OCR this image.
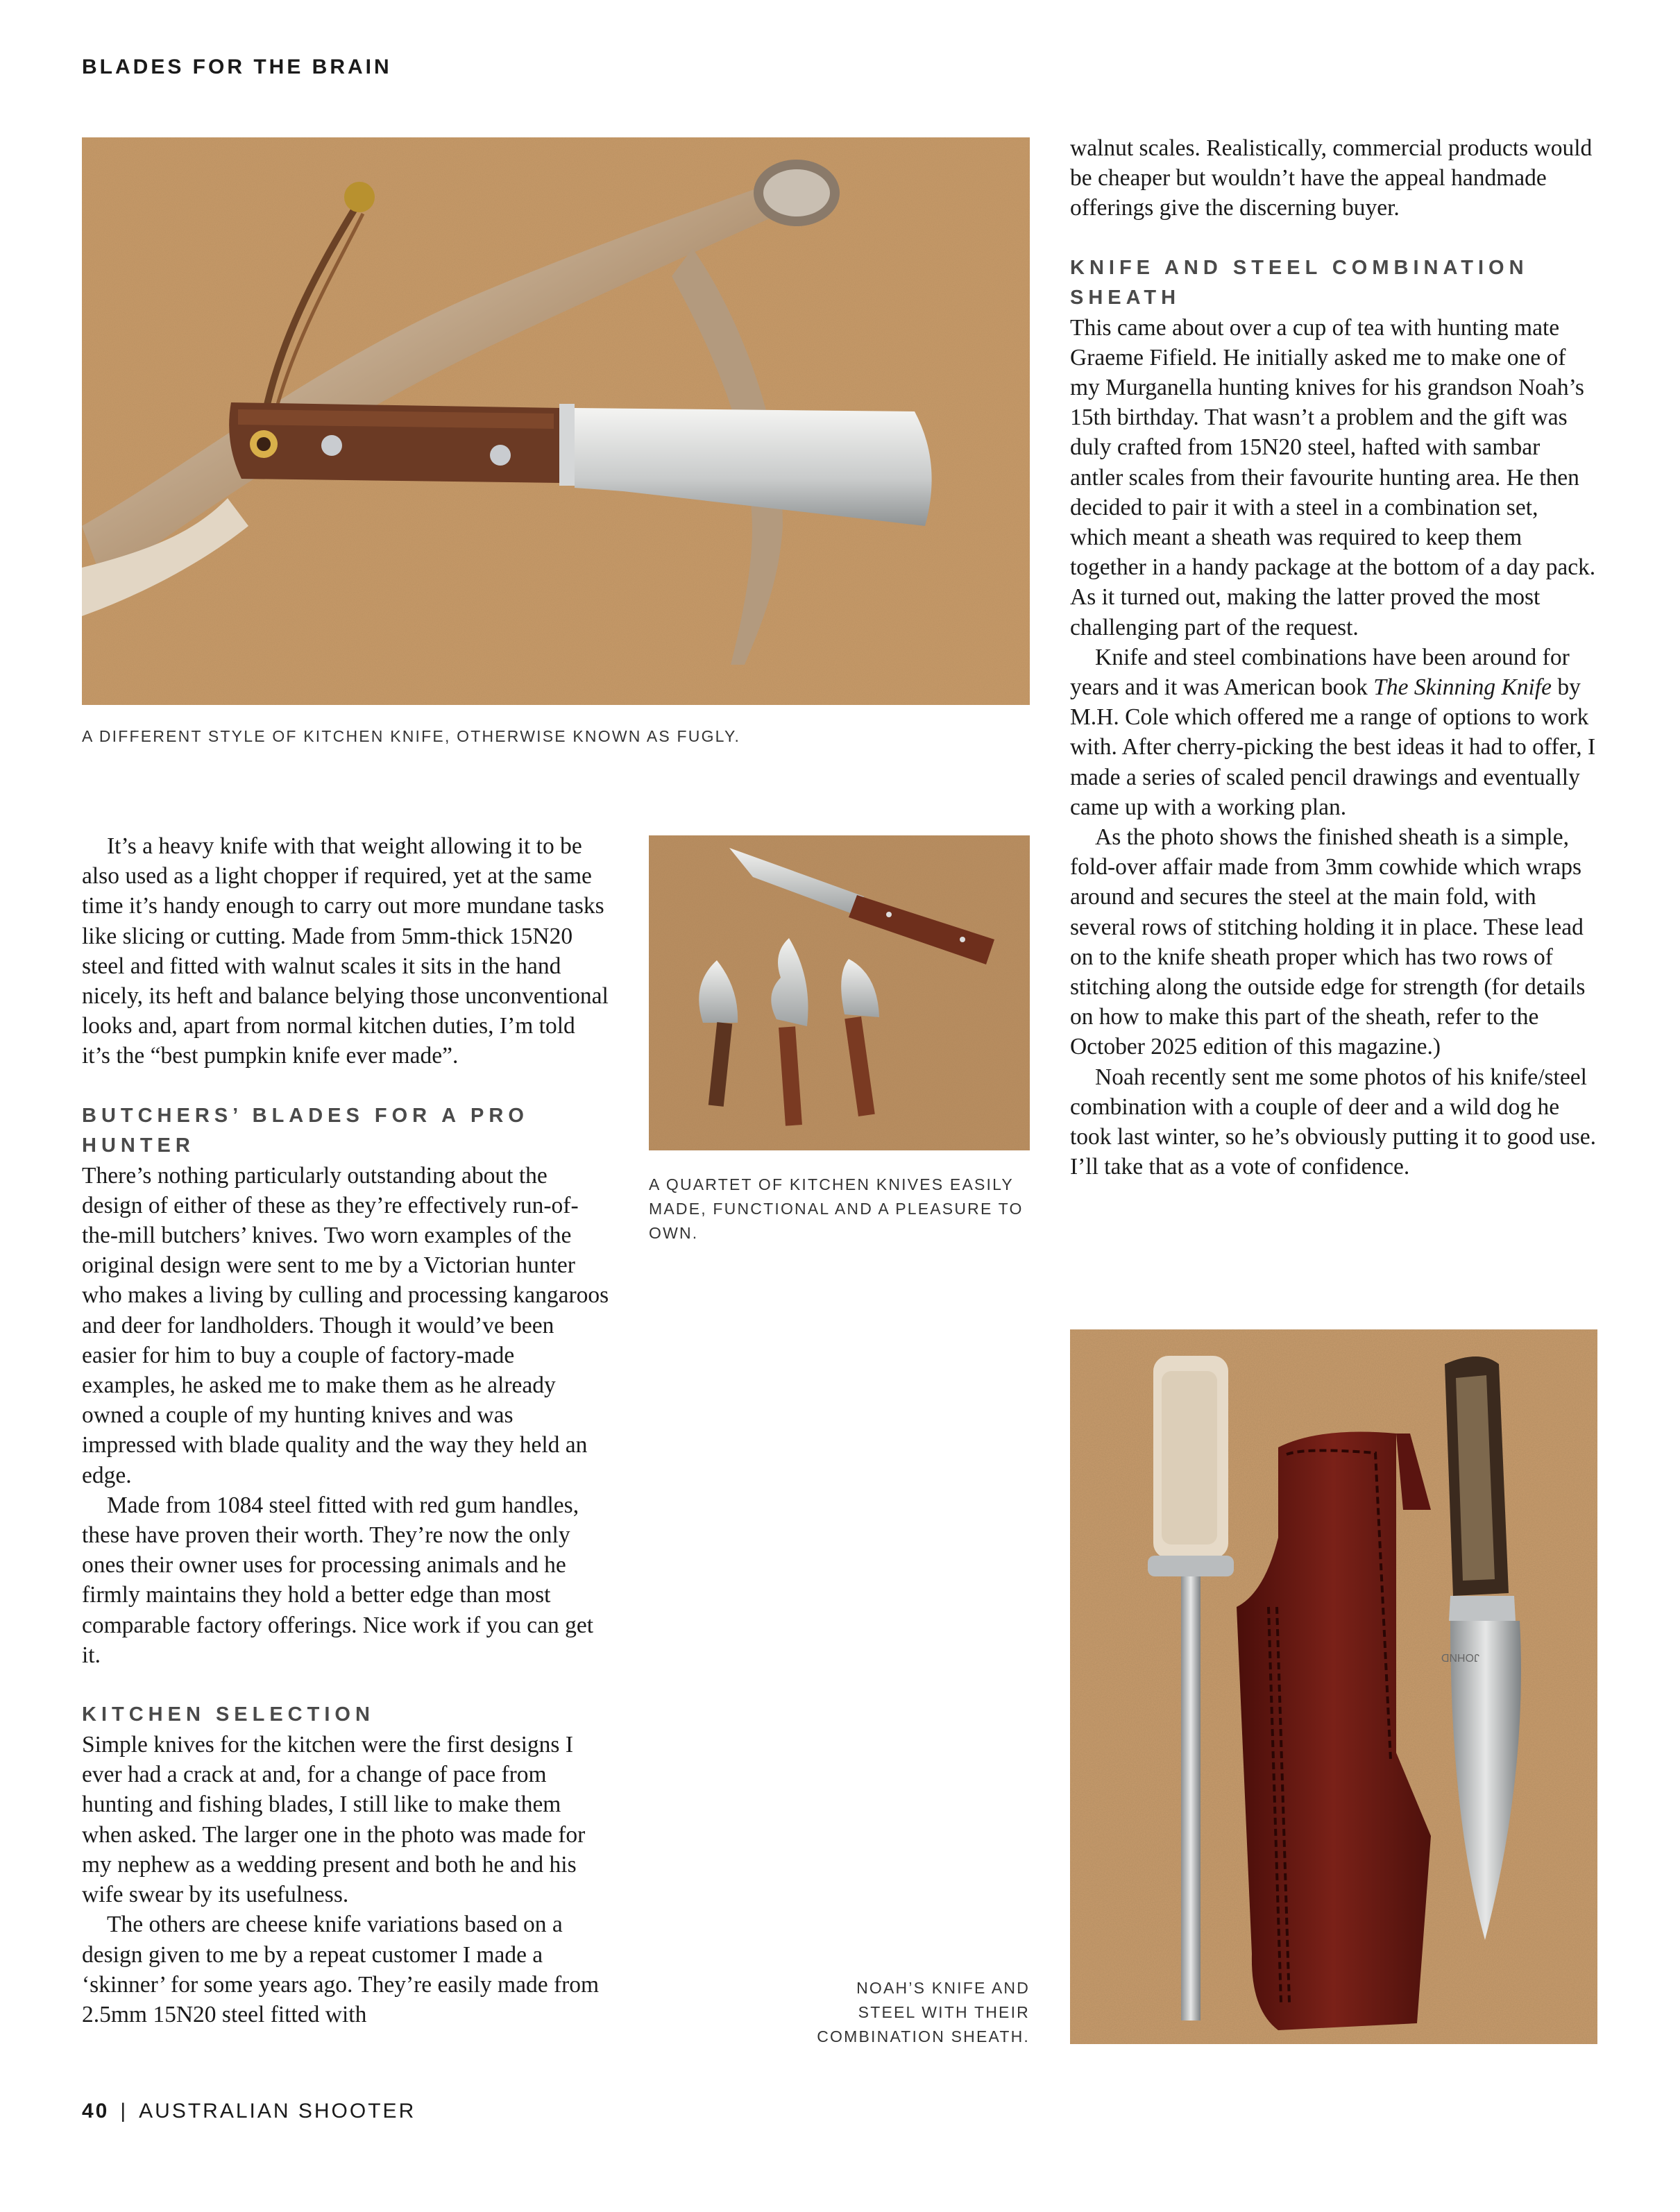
BLADES FOR THE BRAIN
A DIFFERENT STYLE OF KITCHEN KNIFE, OTHERWISE KNOWN AS FUGLY.
A QUARTET OF KITCHEN KNIVES EASILY MADE, FUNCTIONAL AND A PLEASURE TO OWN.
JOHND
NOAH’S KNIFE AND STEEL WITH THEIR COMBINATION SHEATH.

It’s a heavy knife with that weight allowing it to be also used as a light chopper if required, yet at the same time it’s handy enough to carry out more mundane tasks like slicing or cutting. Made from 5mm-thick 15N20 steel and fitted with walnut scales it sits in the hand nicely, its heft and balance belying those unconventional looks and, apart from normal kitchen duties, I’m told it’s the “best pumpkin knife ever made”.

BUTCHERS’ BLADES FOR A PRO HUNTER

There’s nothing particularly outstanding about the design of either of these as they’re effectively run-of-the-mill butchers’ knives. Two worn examples of the original design were sent to me by a Victorian hunter who makes a living by culling and processing kangaroos and deer for landholders. Though it would’ve been easier for him to buy a couple of factory-made examples, he asked me to make them as he already owned a couple of my hunting knives and was impressed with blade quality and the way they held an edge.

Made from 1084 steel fitted with red gum handles, these have proven their worth. They’re now the only ones their owner uses for processing animals and he firmly maintains they hold a better edge than most comparable factory offerings. Nice work if you can get it.

KITCHEN SELECTION

Simple knives for the kitchen were the first designs I ever had a crack at and, for a change of pace from hunting and fishing blades, I still like to make them when asked. The larger one in the photo was made for my nephew as a wedding present and both he and his wife swear by its usefulness.

The others are cheese knife variations based on a design given to me by a repeat customer I made a ‘skinner’ for some years ago. They’re easily made from 2.5mm 15N20 steel fitted with

walnut scales. Realistically, commercial products would be cheaper but wouldn’t have the appeal handmade offerings give the discerning buyer.

KNIFE AND STEEL COMBINATION SHEATH

This came about over a cup of tea with hunting mate Graeme Fifield. He initially asked me to make one of my Murganella hunting knives for his grandson Noah’s 15th birthday. That wasn’t a problem and the gift was duly crafted from 15N20 steel, hafted with sambar antler scales from their favourite hunting area. He then decided to pair it with a steel in a combination set, which meant a sheath was required to keep them together in a handy package at the bottom of a day pack. As it turned out, making the latter proved the most challenging part of the request.

Knife and steel combinations have been around for years and it was American book The Skinning Knife by M.H. Cole which offered me a range of options to work with. After cherry-picking the best ideas it had to offer, I made a series of scaled pencil drawings and eventually came up with a working plan.

As the photo shows the finished sheath is a simple, fold-over affair made from 3mm cowhide which wraps around and secures the steel at the main fold, with several rows of stitching holding it in place. These lead on to the knife sheath proper which has two rows of stitching along the outside edge for strength (for details on how to make this part of the sheath, refer to the October 2025 edition of this magazine.)

Noah recently sent me some photos of his knife/steel combination with a couple of deer and a wild dog he took last winter, so he’s obviously putting it to good use. I’ll take that as a vote of confidence.

40 | AUSTRALIAN SHOOTER
